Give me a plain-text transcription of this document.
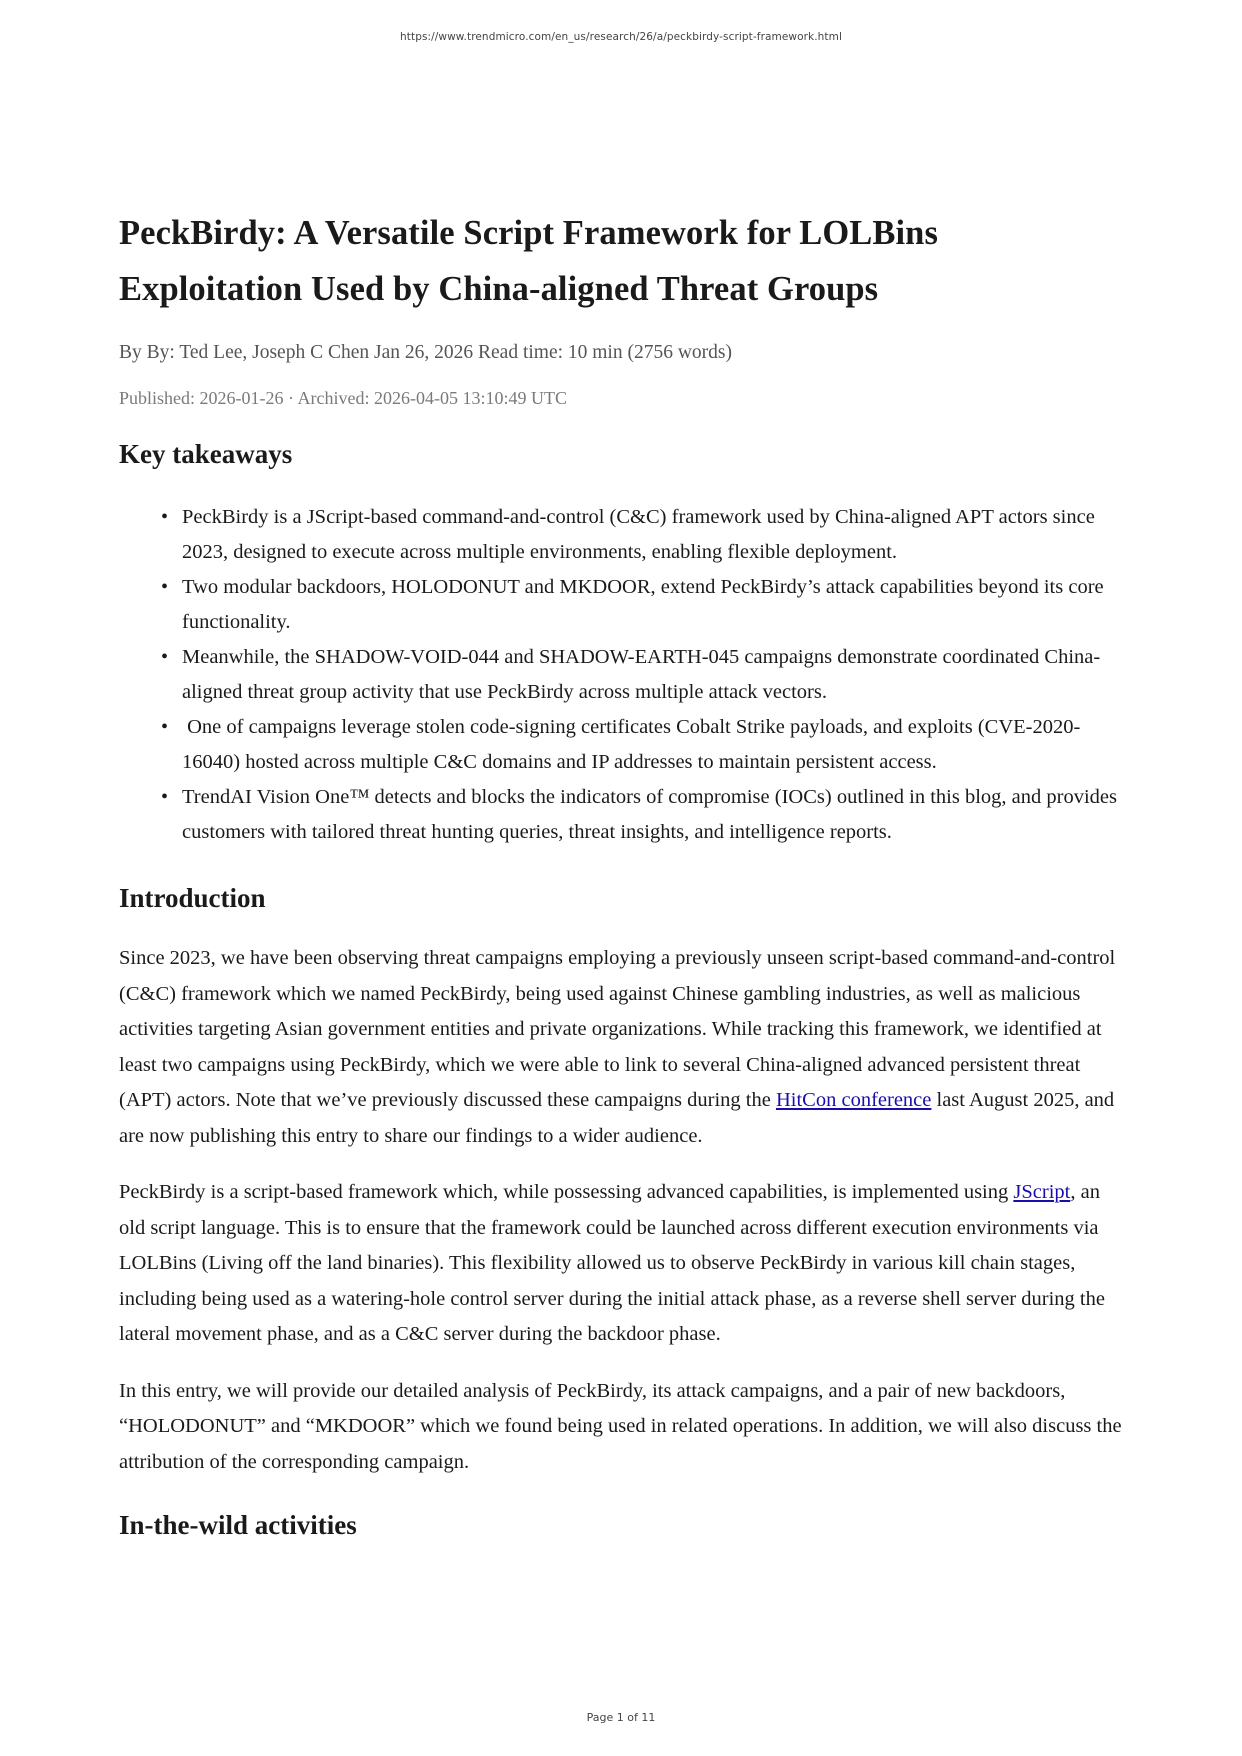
https://www.trendmicro.com/en_us/research/26/a/peckbirdy-script-framework.html
PeckBirdy: A Versatile Script Framework for LOLBins
Exploitation Used by China-aligned Threat Groups
By By: Ted Lee, Joseph C Chen Jan 26, 2026 Read time: 10 min (2756 words)
Published: 2026-01-26 · Archived: 2026-04-05 13:10:49 UTC
Key takeaways
• PeckBirdy is a JScript-based command-and-control (C&C) framework used by China-aligned APT actors since 2023, designed to execute across multiple environments, enabling flexible deployment.
• Two modular backdoors, HOLODONUT and MKDOOR, extend PeckBirdy’s attack capabilities beyond its core functionality.
• Meanwhile, the SHADOW-VOID-044 and SHADOW-EARTH-045 campaigns demonstrate coordinated China-aligned threat group activity that use PeckBirdy across multiple attack vectors.
• One of campaigns leverage stolen code-signing certificates Cobalt Strike payloads, and exploits (CVE-2020-16040) hosted across multiple C&C domains and IP addresses to maintain persistent access.
• TrendAI Vision One™ detects and blocks the indicators of compromise (IOCs) outlined in this blog, and provides customers with tailored threat hunting queries, threat insights, and intelligence reports.
Introduction

Since 2023, we have been observing threat campaigns employing a previously unseen script-based command-and-control (C&C) framework which we named PeckBirdy, being used against Chinese gambling industries, as well as malicious activities targeting Asian government entities and private organizations. While tracking this framework, we identified at least two campaigns using PeckBirdy, which we were able to link to several China-aligned advanced persistent threat (APT) actors. Note that we’ve previously discussed these campaigns during the HitCon conference last August 2025, and are now publishing this entry to share our findings to a wider audience.

PeckBirdy is a script-based framework which, while possessing advanced capabilities, is implemented using JScript, an old script language. This is to ensure that the framework could be launched across different execution environments via LOLBins (Living off the land binaries). This flexibility allowed us to observe PeckBirdy in various kill chain stages, including being used as a watering-hole control server during the initial attack phase, as a reverse shell server during the lateral movement phase, and as a C&C server during the backdoor phase.

In this entry, we will provide our detailed analysis of PeckBirdy, its attack campaigns, and a pair of new backdoors, “HOLODONUT” and “MKDOOR” which we found being used in related operations. In addition, we will also discuss the attribution of the corresponding campaign.

In-the-wild activities
Page 1 of 11
